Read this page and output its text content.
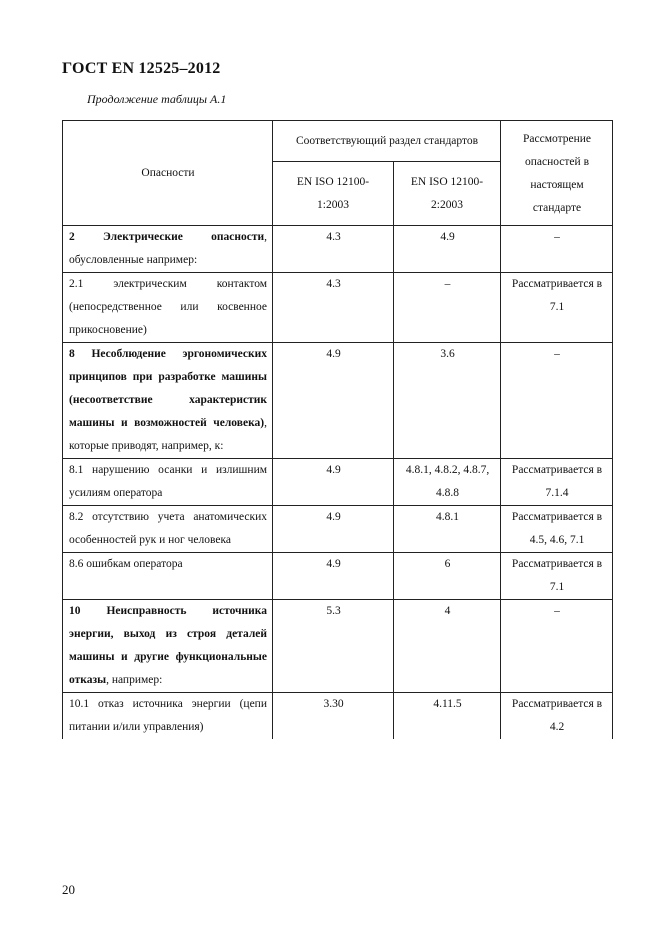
ГОСТ EN 12525–2012
Продолжение таблицы А.1
Опасности	Соответствующий раздел стандартов		Рассмотрение опасностей в настоящем стандарте
	EN ISO 12100-1:2003	EN ISO 12100-2:2003	
2 Электрические опасности, обусловленные например:	4.3	4.9	–
2.1 электрическим контактом (непосредственное или косвенное прикосновение)	4.3	–	Рассматривается в 7.1
8 Несоблюдение эргономических принципов при разработке машины (несоответствие характеристик машины и возможностей человека), которые приводят, например, к:	4.9	3.6	–
8.1 нарушению осанки и излишним усилиям оператора	4.9	4.8.1, 4.8.2, 4.8.7, 4.8.8	Рассматривается в 7.1.4
8.2 отсутствию учета анатомических особенностей рук и ног человека	4.9	4.8.1	Рассматривается в 4.5, 4.6, 7.1
8.6 ошибкам оператора	4.9	6	Рассматривается в 7.1
10 Неисправность источника энергии, выход из строя деталей машины и другие функциональные отказы, например:	5.3	4	–
10.1 отказ источника энергии (цепи питании и/или управления)	3.30	4.11.5	Рассматривается в 4.2
20
